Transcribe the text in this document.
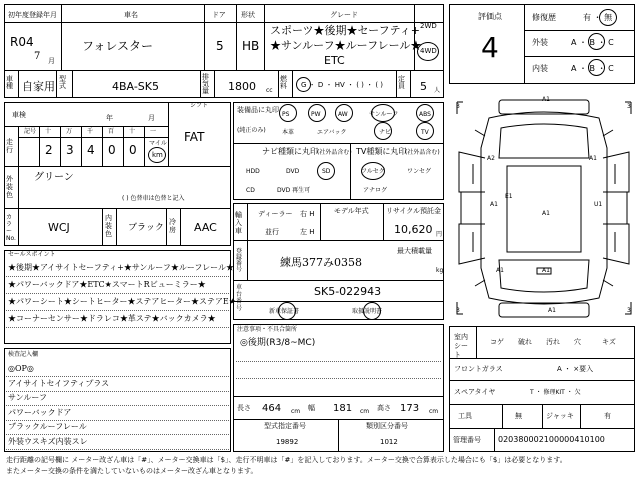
初年度登録年月
R04
7 月
車名
フォレスター
ドア
5
形状
HB
グレード
スポーツ★後期★セーフティ+
★サンルーフ★ルーフレール★
ETC
2WD
4WD
車種 自家用
型式	4BA-SK5
排気量 1800 cc
燃料	G ・ D ・ HV ・ ( ) ・ ( )
定員 5 人
評価点
4
修復歴	有 ・ 無
外装	A ・ B ・ C
内装	A ・ B ・ C
シフト
車検	年	月
FAT
走行
マイル
km
外装色
グリーン
( ) 色替車は色替と記入
カラーNo.
WCJ
内装色
ブラック
冷房 AAC
装備品に丸印
(純正のみ)
ナビ種類に丸印 (社外品含む)
HDD	DVD	SD
CD	DVD 再生可
TV種類に丸印
(社外品含む)
フルセグ	ワンセグ
アナログ
輸入車
ディーラー 右 H
並行	左 H
モデル年式 リサイクル預託金
10,620 円
登録番号
練馬377み0358
最大積載量
kg
車台 号
SK5-022943
新車保証書	取扱説明書
セールスポイント
検査記入欄
注意事項・不具合箇所
◎後期(R3/8~MC)
長さ 464 cm 幅 181 cm 高さ 173 cm
型式指定番号
19892
類別区分番号
1012
3	3
3	3
A1
A2	A1
E1
A1
A1
U1
A1	A1
A1
室内シート
フロントガラス	A ・ ×要入
スペアタイヤ	T ・ 修理KIT ・ 欠
工具	無	ジャッキ	有
管理番号 020380002100000410100
走行距離の記号欄に メーター改ざん車は「#」、メーター交換車は「$」、走行不明車は「#」を記入しております。メーター交換で合算表示した場合にも「$」は必要となります。
またメーター交換の条件を満たしていないものはメーター改ざん車となります。
記号 十
2
万
3
千
4
百
0
十
0
一
PS	PW	AW	サンルーフ	ABS
本革	エアバック	ナビ	TV
★後期★アイサイトセーフティ+★サンルーフ★ルーフレール★
★パワーバックドア★ETC★スマートRビューミラー★
★パワーシート★シートヒーター★ステアヒーター★ステアE★
★コーナーセンサー★ドラレコ★革ステ★バックカメラ★
◎OP◎
アイサイトセイフティプラス
サンルーフ
パワーバックドア
ブラックルーフレール
外装ウスキズ内装スレ
コゲ 破れ 汚れ 穴	キズ
